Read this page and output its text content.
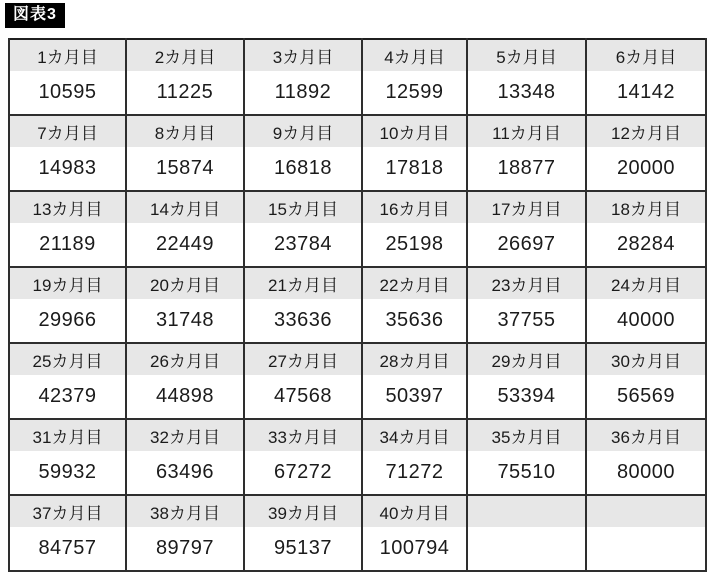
図表3
1カ月目	2カ月目	3カ月目	4カ月目	5カ月目	6カ月目
10595	11225	11892	12599	13348	14142
7カ月目	8カ月目	9カ月目	10カ月目	11カ月目	12カ月目
14983	15874	16818	17818	18877	20000
13カ月目	14カ月目	15カ月目	16カ月目	17カ月目	18カ月目
21189	22449	23784	25198	26697	28284
19カ月目	20カ月目	21カ月目	22カ月目	23カ月目	24カ月目
29966	31748	33636	35636	37755	40000
25カ月目	26カ月目	27カ月目	28カ月目	29カ月目	30カ月目
42379	44898	47568	50397	53394	56569
31カ月目	32カ月目	33カ月目	34カ月目	35カ月目	36カ月目
59932	63496	67272	71272	75510	80000
37カ月目	38カ月目	39カ月目	40カ月目		
84757	89797	95137	100794		
